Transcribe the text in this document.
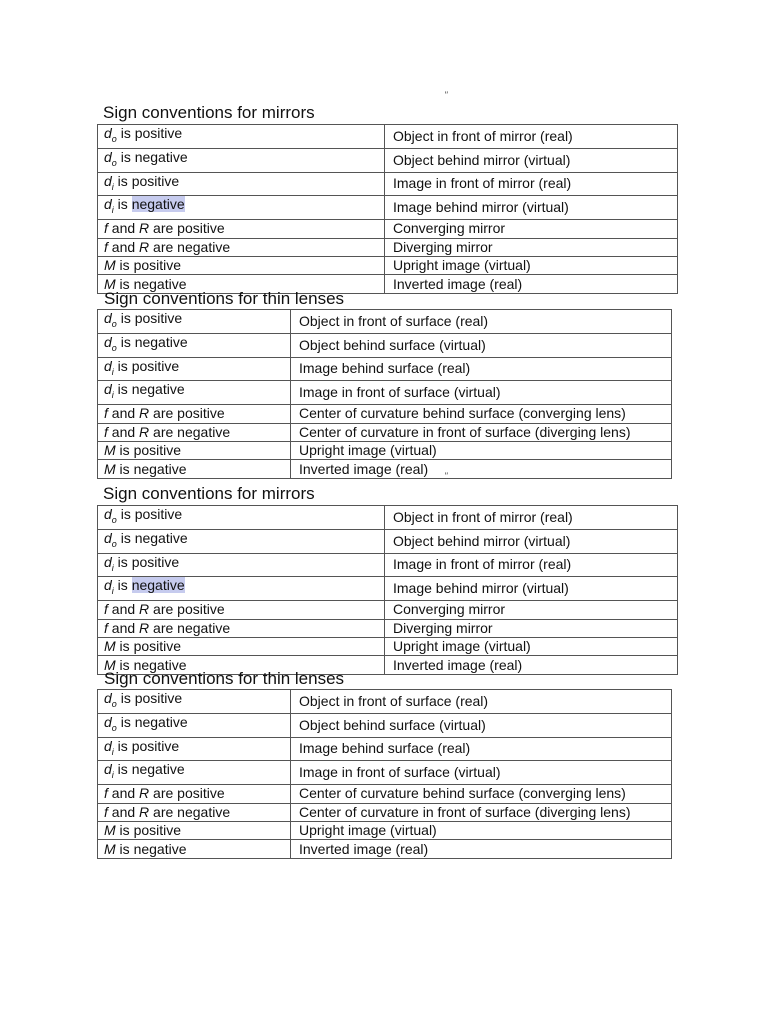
"
Sign conventions for mirrors
$d_o$ is positive	Object in front of mirror (real)
$d_o$ is negative	Object behind mirror (virtual)
$d_i$ is positive	Image in front of mirror (real)
$d_i$ is negative	Image behind mirror (virtual)
f and R are positive	Converging mirror
f and R are negative	Diverging mirror
M is positive	Upright image (virtual)
M is negative	Inverted image (real)
Sign conventions for thin lenses
$d_o$ is positive	Object in front of surface (real)
$d_o$ is negative	Object behind surface (virtual)
$d_i$ is positive	Image behind surface (real)
$d_i$ is negative	Image in front of surface (virtual)
f and R are positive	Center of curvature behind surface (converging lens)
f and R are negative	Center of curvature in front of surface (diverging lens)
M is positive	Upright image (virtual)
M is negative	Inverted image (real) "
Sign conventions for mirrors
$d_o$ is positive	Object in front of mirror (real)
$d_o$ is negative	Object behind mirror (virtual)
$d_i$ is positive	Image in front of mirror (real)
$d_i$ is negative	Image behind mirror (virtual)
f and R are positive	Converging mirror
f and R are negative	Diverging mirror
M is positive	Upright image (virtual)
M is negative	Inverted image (real)
Sign conventions for thin lenses
$d_o$ is positive	Object in front of surface (real)
$d_o$ is negative	Object behind surface (virtual)
$d_i$ is positive	Image behind surface (real)
$d_i$ is negative	Image in front of surface (virtual)
f and R are positive	Center of curvature behind surface (converging lens)
f and R are negative	Center of curvature in front of surface (diverging lens)
M is positive	Upright image (virtual)
M is negative	Inverted image (real)
